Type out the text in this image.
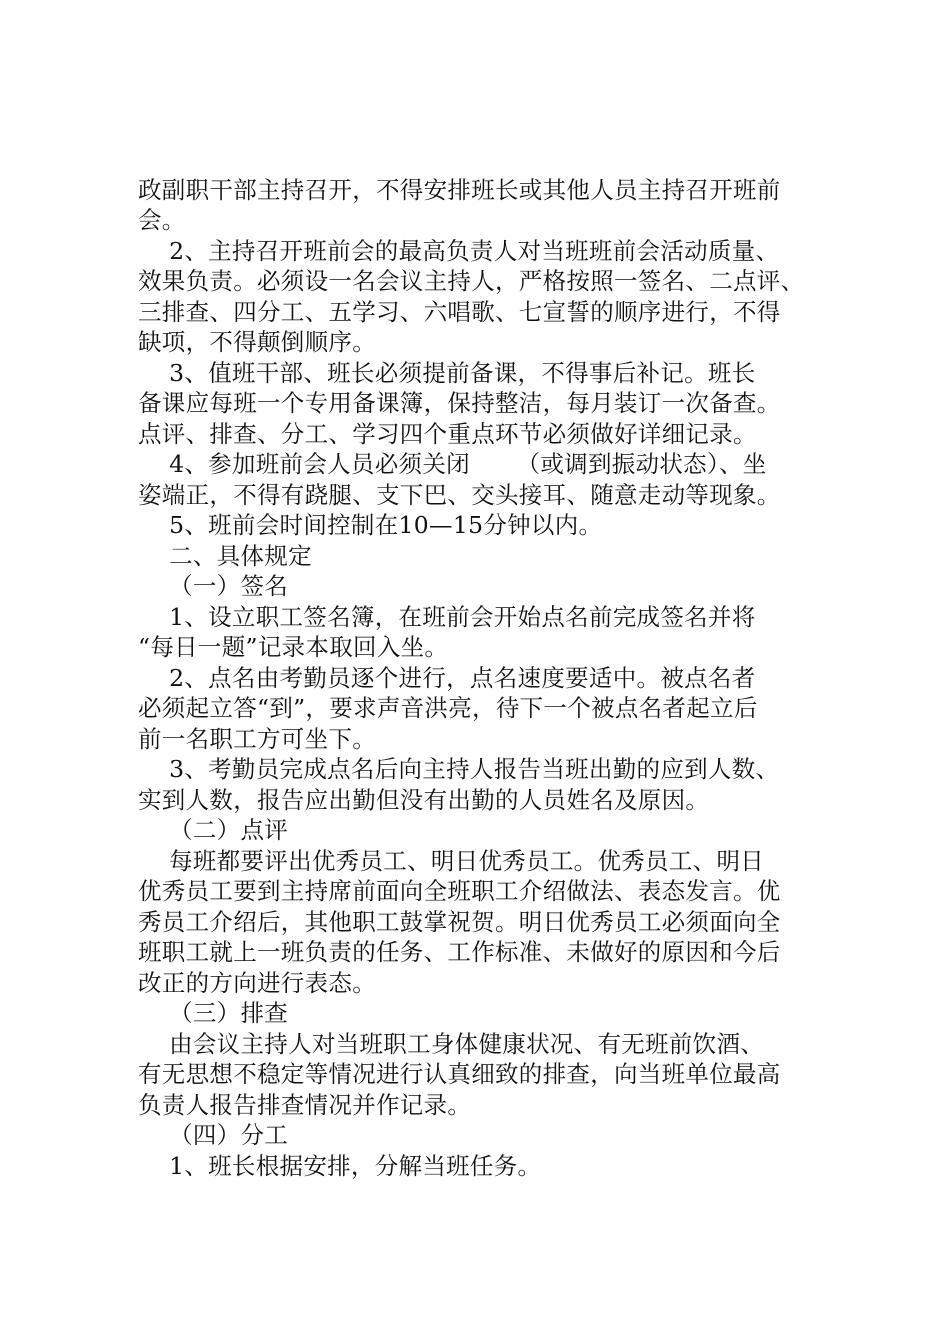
政副职干部主持召开，不得安排班长或其他人员主持召开班前
会。
2、主持召开班前会的最高负责人对当班班前会活动质量、
效果负责。必须设一名会议主持人，严格按照一签名、二点评、
三排查、四分工、五学习、六唱歌、七宣誓的顺序进行，不得
缺项，不得颠倒顺序。
3、值班干部、班长必须提前备课，不得事后补记。班长
备课应每班一个专用备课簿，保持整洁，每月装订一次备查。
点评、排查、分工、学习四个重点环节必须做好详细记录。
4、参加班前会人员必须关闭      （或调到振动状态）、坐
姿端正，不得有跷腿、支下巴、交头接耳、随意走动等现象。
5、班前会时间控制在10—15分钟以内。
二、具体规定
（一）签名
1、设立职工签名簿，在班前会开始点名前完成签名并将
“每日一题”记录本取回入坐。
2、点名由考勤员逐个进行，点名速度要适中。被点名者
必须起立答“到”，要求声音洪亮，待下一个被点名者起立后
前一名职工方可坐下。
3、考勤员完成点名后向主持人报告当班出勤的应到人数、
实到人数，报告应出勤但没有出勤的人员姓名及原因。
（二）点评
每班都要评出优秀员工、明日优秀员工。优秀员工、明日
优秀员工要到主持席前面向全班职工介绍做法、表态发言。优
秀员工介绍后，其他职工鼓掌祝贺。明日优秀员工必须面向全
班职工就上一班负责的任务、工作标准、未做好的原因和今后
改正的方向进行表态。
（三）排查
由会议主持人对当班职工身体健康状况、有无班前饮酒、
有无思想不稳定等情况进行认真细致的排查，向当班单位最高
负责人报告排查情况并作记录。
（四）分工
1、班长根据安排，分解当班任务。
